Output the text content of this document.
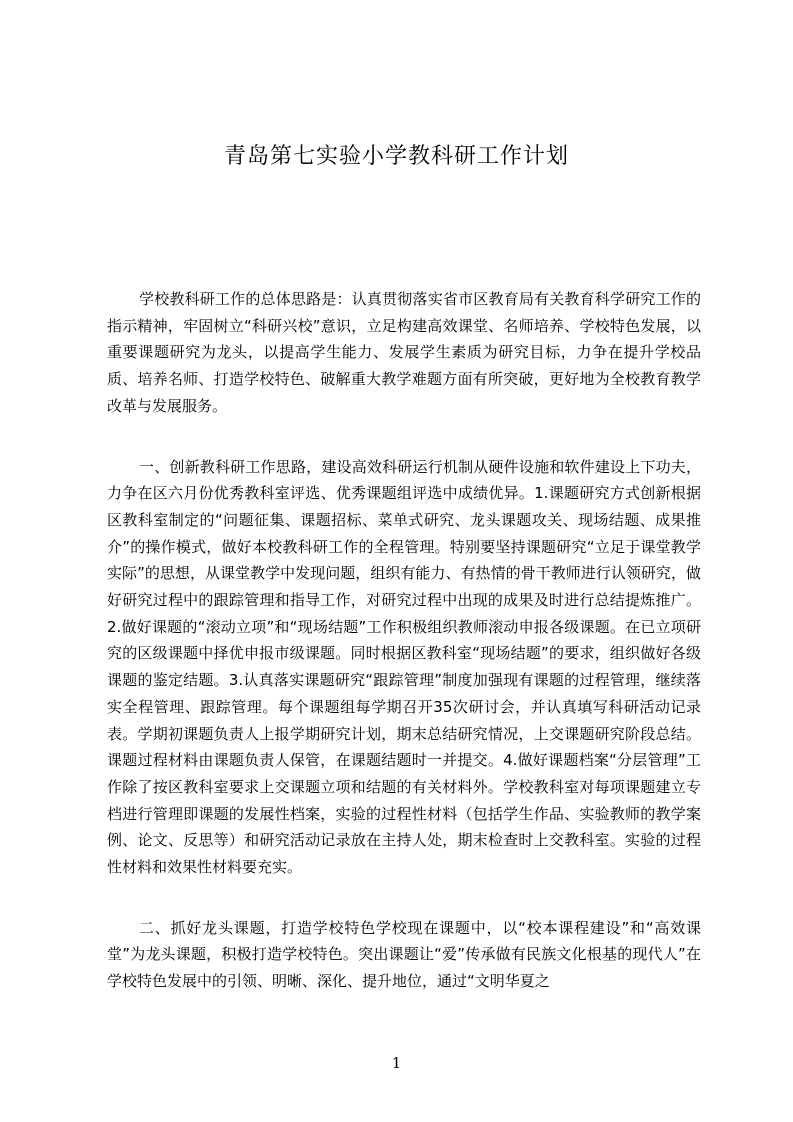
青岛第七实验小学教科研工作计划

学校教科研工作的总体思路是：认真贯彻落实省市区教育局有关教育科学研究工作的指示精神，牢固树立“科研兴校”意识，立足构建高效课堂、名师培养、学校特色发展，以重要课题研究为龙头，以提高学生能力、发展学生素质为研究目标，力争在提升学校品质、培养名师、打造学校特色、破解重大教学难题方面有所突破，更好地为全校教育教学改革与发展服务。

一、创新教科研工作思路，建设高效科研运行机制从硬件设施和软件建设上下功夫，力争在区六月份优秀教科室评选、优秀课题组评选中成绩优异。1.课题研究方式创新根据区教科室制定的“问题征集、课题招标、菜单式研究、龙头课题攻关、现场结题、成果推介”的操作模式，做好本校教科研工作的全程管理。特别要坚持课题研究“立足于课堂教学实际”的思想，从课堂教学中发现问题，组织有能力、有热情的骨干教师进行认领研究，做好研究过程中的跟踪管理和指导工作，对研究过程中出现的成果及时进行总结提炼推广。2.做好课题的“滚动立项”和“现场结题”工作积极组织教师滚动申报各级课题。在已立项研究的区级课题中择优申报市级课题。同时根据区教科室“现场结题”的要求，组织做好各级课题的鉴定结题。3.认真落实课题研究“跟踪管理”制度加强现有课题的过程管理，继续落实全程管理、跟踪管理。每个课题组每学期召开35次研讨会，并认真填写科研活动记录表。学期初课题负责人上报学期研究计划，期末总结研究情况，上交课题研究阶段总结。课题过程材料由课题负责人保管，在课题结题时一并提交。4.做好课题档案“分层管理”工作除了按区教科室要求上交课题立项和结题的有关材料外。学校教科室对每项课题建立专档进行管理即课题的发展性档案，实验的过程性材料（包括学生作品、实验教师的教学案例、论文、反思等）和研究活动记录放在主持人处，期末检查时上交教科室。实验的过程性材料和效果性材料要充实。

二、抓好龙头课题，打造学校特色学校现在课题中，以“校本课程建设”和“高效课堂”为龙头课题，积极打造学校特色。突出课题让“爱”传承做有民族文化根基的现代人”在学校特色发展中的引领、明晰、深化、提升地位，通过“文明华夏之

1
